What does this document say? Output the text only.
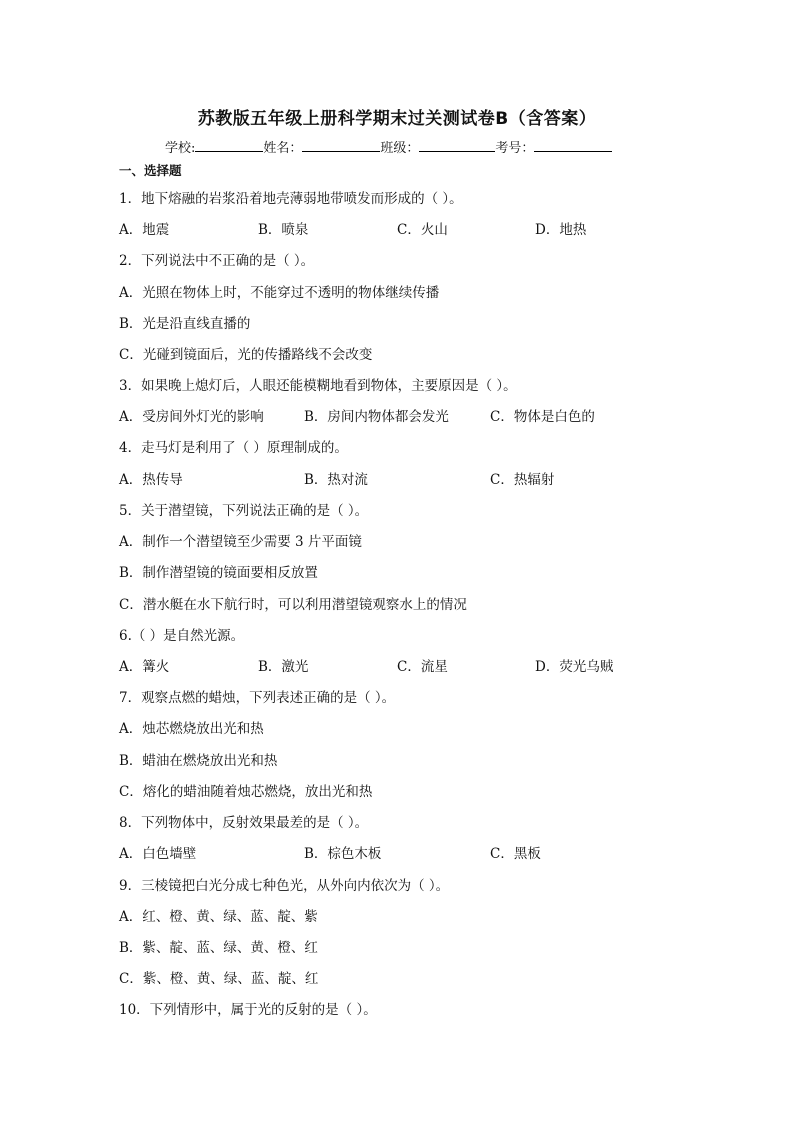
苏教版五年级上册科学期末过关测试卷B（含答案）
学校:	姓名：	班级：	考号：
一、选择题
1．地下熔融的岩浆沿着地壳薄弱地带喷发而形成的（ ）。
A．地震	B．喷泉	C．火山	D．地热
2．下列说法中不正确的是（ ）。
A．光照在物体上时，不能穿过不透明的物体继续传播
B．光是沿直线直播的
C．光碰到镜面后，光的传播路线不会改变
3．如果晚上熄灯后，人眼还能模糊地看到物体，主要原因是（ ）。
A．受房间外灯光的影响	B．房间内物体都会发光	C．物体是白色的
4．走马灯是利用了（ ）原理制成的。
A．热传导	B．热对流	C．热辐射
5．关于潜望镜，下列说法正确的是（ ）。
A．制作一个潜望镜至少需要 3 片平面镜
B．制作潜望镜的镜面要相反放置
C．潜水艇在水下航行时，可以利用潜望镜观察水上的情况
6.（ ）是自然光源。
A．篝火	B．激光	C．流星	D．荧光乌贼
7．观察点燃的蜡烛，下列表述正确的是（ ）。
A．烛芯燃烧放出光和热
B．蜡油在燃烧放出光和热
C．熔化的蜡油随着烛芯燃烧，放出光和热
8．下列物体中，反射效果最差的是（ ）。
A．白色墙壁	B．棕色木板	C．黑板
9．三棱镜把白光分成七种色光，从外向内依次为（ ）。
A．红、橙、黄、绿、蓝、靛、紫
B．紫、靛、蓝、绿、黄、橙、红
C．紫、橙、黄、绿、蓝、靛、红
10．下列情形中，属于光的反射的是（ ）。
